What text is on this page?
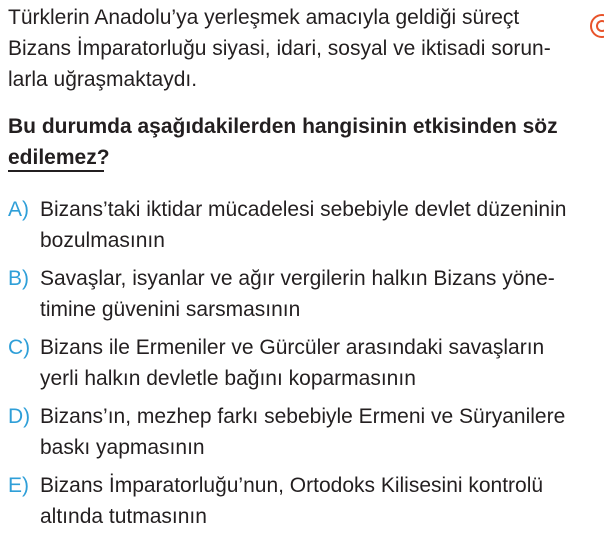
Türklerin Anadolu’ya yerleşmek amacıyla geldiği süreçt
Bizans İmparatorluğu siyasi, idari, sosyal ve iktisadi sorun-
larla uğraşmaktaydı.
Bu durumda aşağıdakilerden hangisinin etkisinden söz
edilemez?
A) Bizans’taki iktidar mücadelesi sebebiyle devlet düzeninin
bozulmasının
B) Savaşlar, isyanlar ve ağır vergilerin halkın Bizans yöne-
timine güvenini sarsmasının
C) Bizans ile Ermeniler ve Gürcüler arasındaki savaşların
yerli halkın devletle bağını koparmasının
D) Bizans’ın, mezhep farkı sebebiyle Ermeni ve Süryanilere
baskı yapmasının
E) Bizans İmparatorluğu’nun, Ortodoks Kilisesini kontrolü
altında tutmasının
